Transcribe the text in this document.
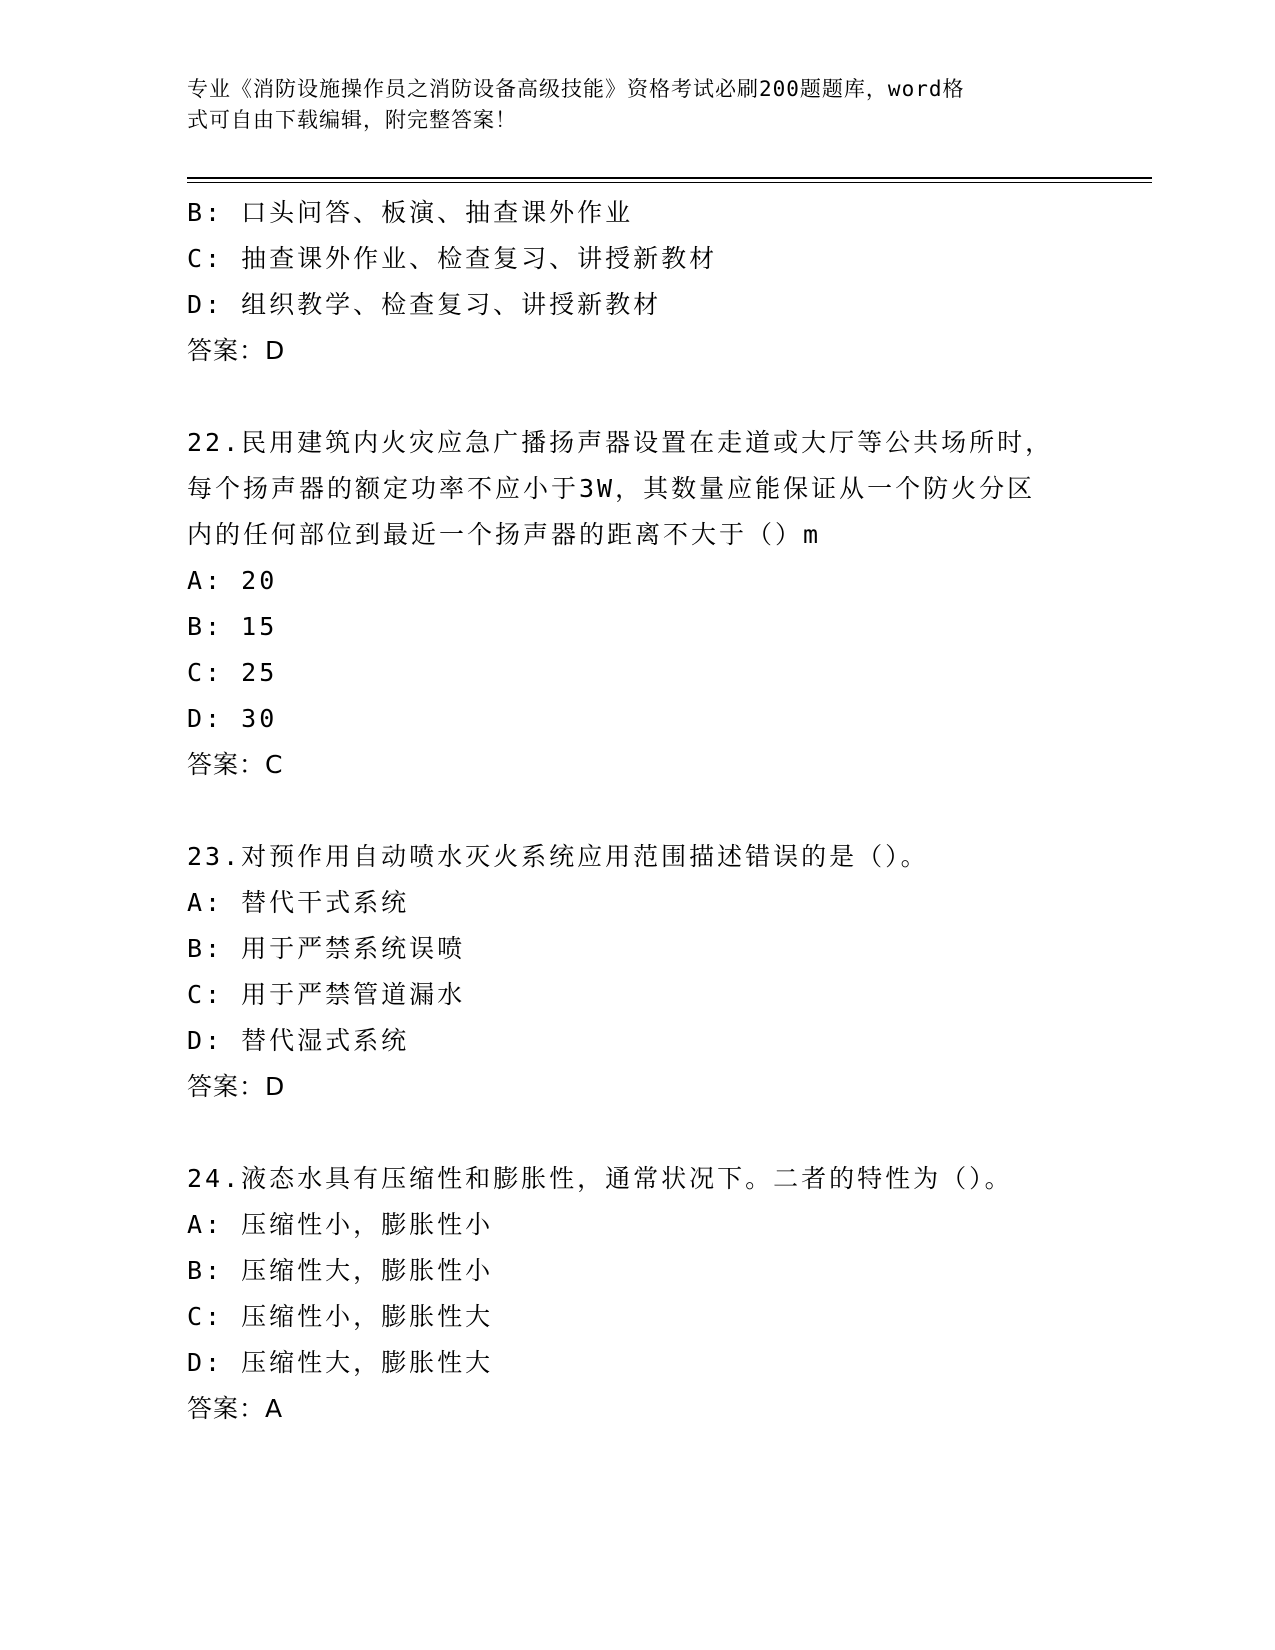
专业《消防设施操作员之消防设备高级技能》资格考试必刷200题题库，word格
式可自由下载编辑，附完整答案！
B: 口头问答、板演、抽查课外作业
C: 抽查课外作业、检查复习、讲授新教材
D: 组织教学、检查复习、讲授新教材
答案：D
22.民用建筑内火灾应急广播扬声器设置在走道或大厅等公共场所时，
每个扬声器的额定功率不应小于3W，其数量应能保证从一个防火分区
内的任何部位到最近一个扬声器的距离不大于（）m
A: 20
B: 15
C: 25
D: 30
答案：C
23.对预作用自动喷水灭火系统应用范围描述错误的是（）。
A: 替代干式系统
B: 用于严禁系统误喷
C: 用于严禁管道漏水
D: 替代湿式系统
答案：D
24.液态水具有压缩性和膨胀性，通常状况下。二者的特性为（）。
A: 压缩性小，膨胀性小
B: 压缩性大，膨胀性小
C: 压缩性小，膨胀性大
D: 压缩性大，膨胀性大
答案：A
